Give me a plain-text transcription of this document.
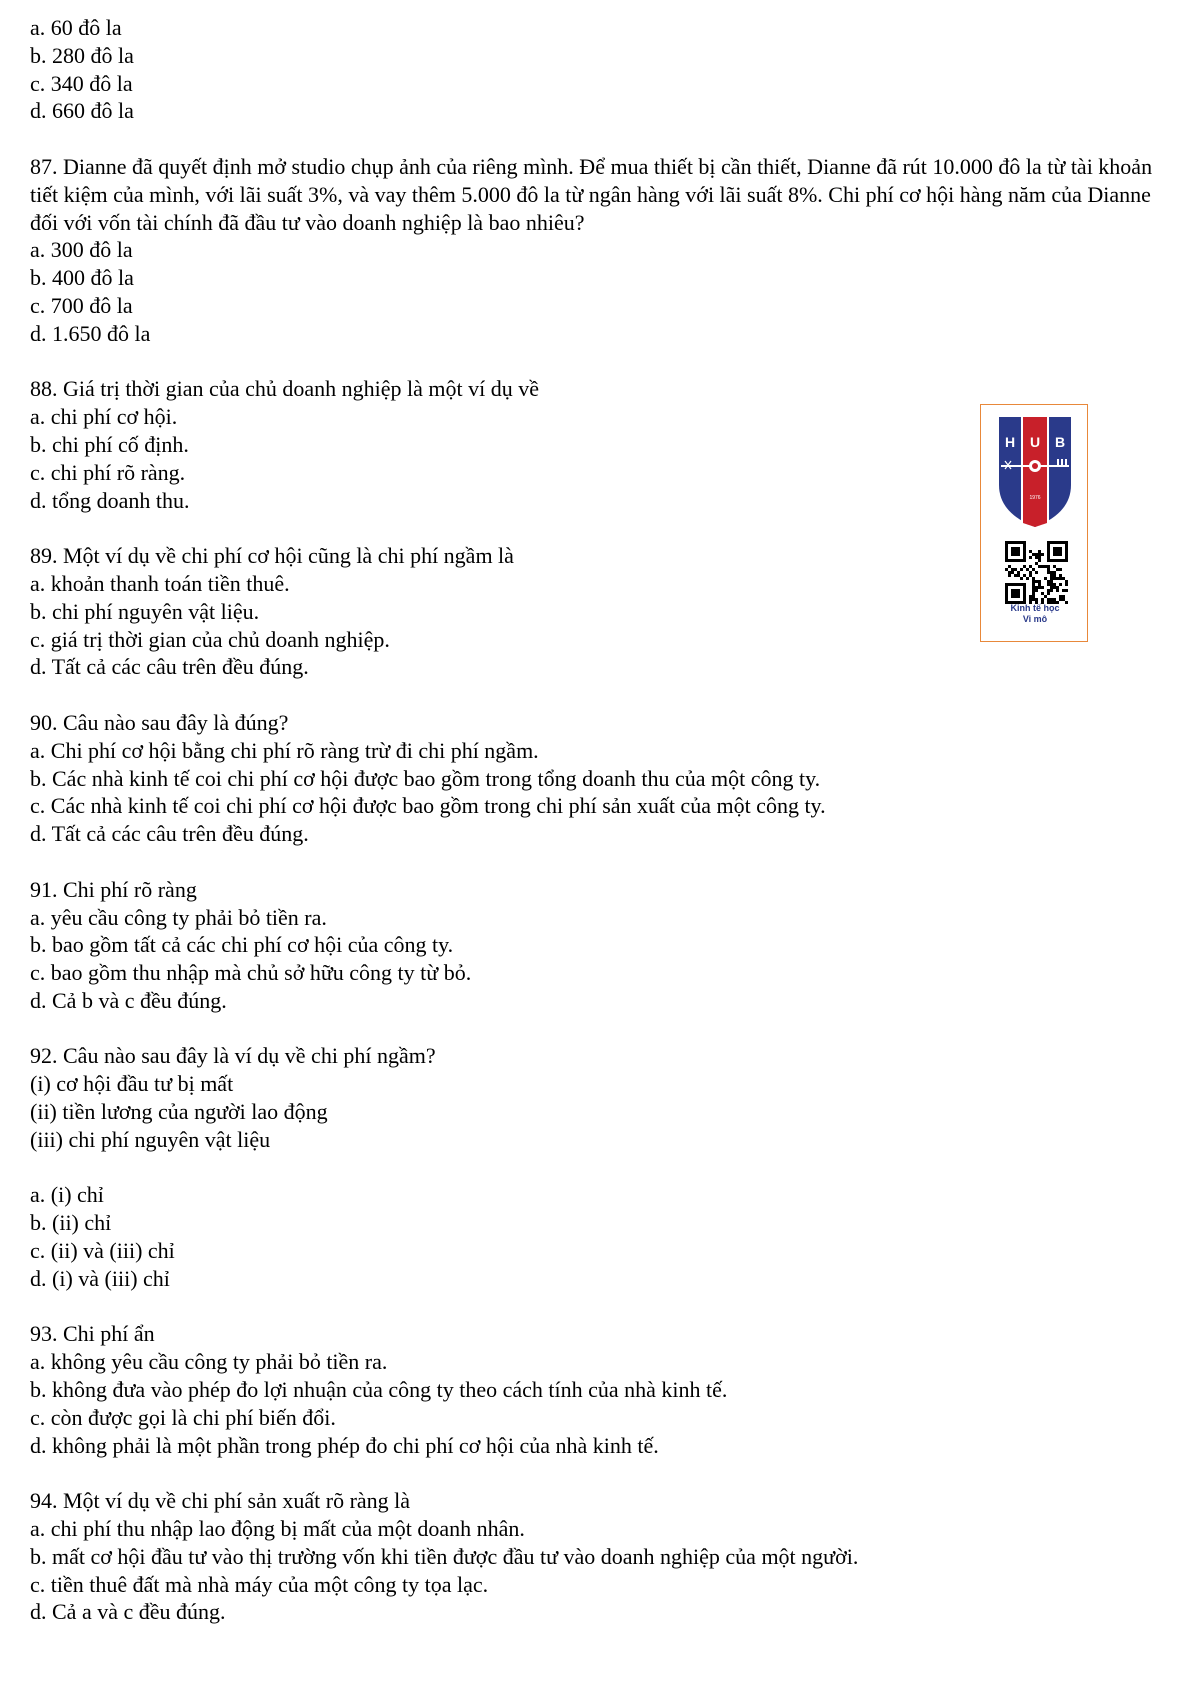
a. 60 đô la
b. 280 đô la
c. 340 đô la
d. 660 đô la
87. Dianne đã quyết định mở studio chụp ảnh của riêng mình. Để mua thiết bị cần thiết, Dianne đã rút 10.000 đô la từ tài khoản tiết kiệm của mình, với lãi suất 3%, và vay thêm 5.000 đô la từ ngân hàng với lãi suất 8%. Chi phí cơ hội hàng năm của Dianne đối với vốn tài chính đã đầu tư vào doanh nghiệp là bao nhiêu?
a. 300 đô la
b. 400 đô la
c. 700 đô la
d. 1.650 đô la
88. Giá trị thời gian của chủ doanh nghiệp là một ví dụ về
a. chi phí cơ hội.
b. chi phí cố định.
c. chi phí rõ ràng.
d. tổng doanh thu.
89. Một ví dụ về chi phí cơ hội cũng là chi phí ngầm là
a. khoản thanh toán tiền thuê.
b. chi phí nguyên vật liệu.
c. giá trị thời gian của chủ doanh nghiệp.
d. Tất cả các câu trên đều đúng.
90. Câu nào sau đây là đúng?
a. Chi phí cơ hội bằng chi phí rõ ràng trừ đi chi phí ngầm.
b. Các nhà kinh tế coi chi phí cơ hội được bao gồm trong tổng doanh thu của một công ty.
c. Các nhà kinh tế coi chi phí cơ hội được bao gồm trong chi phí sản xuất của một công ty.
d. Tất cả các câu trên đều đúng.
91. Chi phí rõ ràng
a. yêu cầu công ty phải bỏ tiền ra.
b. bao gồm tất cả các chi phí cơ hội của công ty.
c. bao gồm thu nhập mà chủ sở hữu công ty từ bỏ.
d. Cả b và c đều đúng.
92. Câu nào sau đây là ví dụ về chi phí ngầm?
(i) cơ hội đầu tư bị mất
(ii) tiền lương của người lao động
(iii) chi phí nguyên vật liệu
a. (i) chỉ
b. (ii) chỉ
c. (ii) và (iii) chỉ
d. (i) và (iii) chỉ
93. Chi phí ẩn
a. không yêu cầu công ty phải bỏ tiền ra.
b. không đưa vào phép đo lợi nhuận của công ty theo cách tính của nhà kinh tế.
c. còn được gọi là chi phí biến đổi.
d. không phải là một phần trong phép đo chi phí cơ hội của nhà kinh tế.
94. Một ví dụ về chi phí sản xuất rõ ràng là
a. chi phí thu nhập lao động bị mất của một doanh nhân.
b. mất cơ hội đầu tư vào thị trường vốn khi tiền được đầu tư vào doanh nghiệp của một người.
c. tiền thuê đất mà nhà máy của một công ty tọa lạc.
d. Cả a và c đều đúng.
H U B
1976
Kinh tế học
Vi mô
